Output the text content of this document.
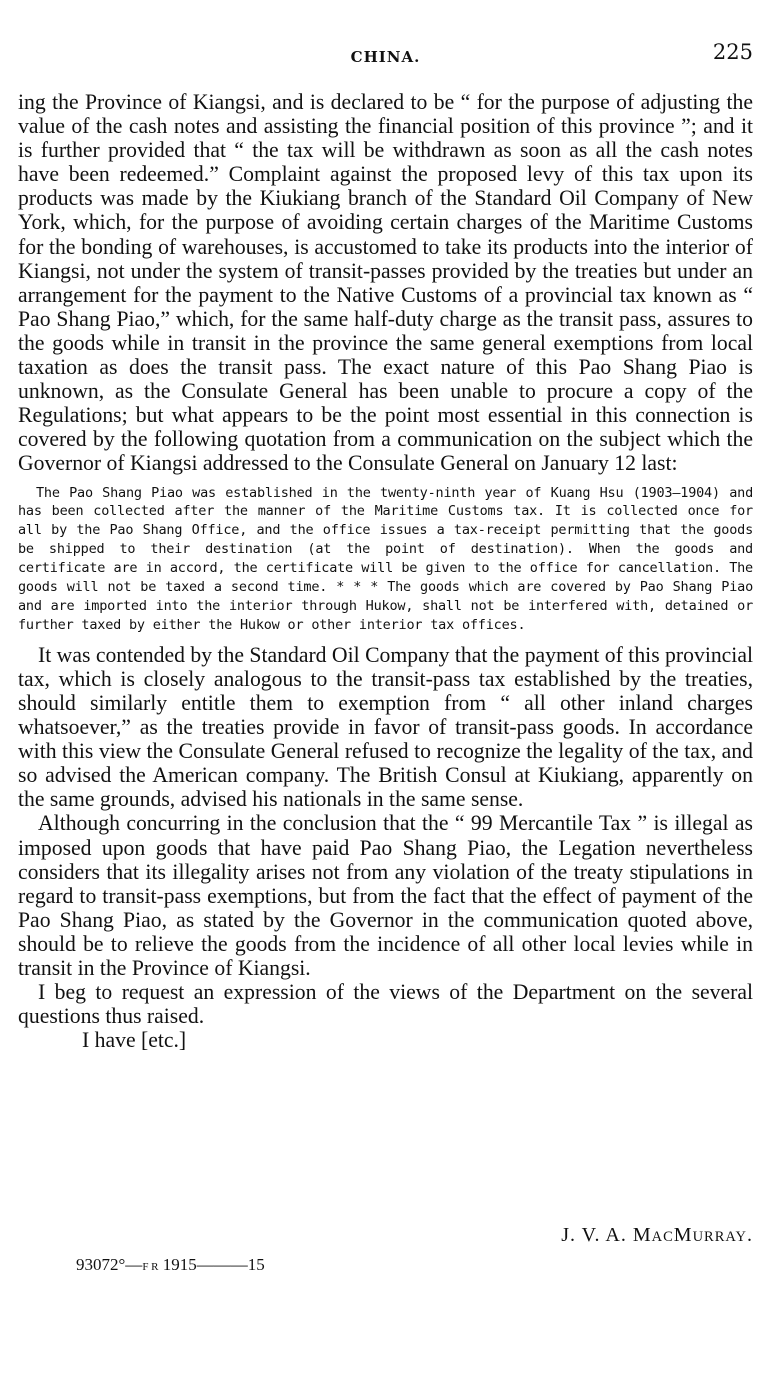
CHINA.	225

ing the Province of Kiangsi, and is declared to be “ for the purpose of adjusting the value of the cash notes and assisting the financial position of this province ”; and it is further provided that “ the tax will be withdrawn as soon as all the cash notes have been redeemed.” Complaint against the proposed levy of this tax upon its products was made by the Kiukiang branch of the Standard Oil Company of New York, which, for the purpose of avoiding certain charges of the Maritime Customs for the bonding of warehouses, is accustomed to take its products into the interior of Kiangsi, not under the system of transit-passes provided by the treaties but under an arrangement for the payment to the Native Customs of a provincial tax known as “ Pao Shang Piao,” which, for the same half-duty charge as the transit pass, assures to the goods while in transit in the province the same general exemptions from local taxation as does the transit pass. The exact nature of this Pao Shang Piao is unknown, as the Consulate General has been unable to procure a copy of the Regulations; but what appears to be the point most essential in this connection is covered by the following quotation from a communication on the subject which the Governor of Kiangsi addressed to the Consulate General on January 12 last:

The Pao Shang Piao was established in the twenty-ninth year of Kuang Hsu (1903–1904) and has been collected after the manner of the Maritime Customs tax. It is collected once for all by the Pao Shang Office, and the office issues a tax-receipt permitting that the goods be shipped to their destination (at the point of destination). When the goods and certificate are in accord, the certificate will be given to the office for cancellation. The goods will not be taxed a second time. * * * The goods which are covered by Pao Shang Piao and are imported into the interior through Hukow, shall not be interfered with, detained or further taxed by either the Hukow or other interior tax offices.

It was contended by the Standard Oil Company that the payment of this provincial tax, which is closely analogous to the transit-pass tax established by the treaties, should similarly entitle them to exemption from “ all other inland charges whatsoever,” as the treaties provide in favor of transit-pass goods. In accordance with this view the Consulate General refused to recognize the legality of the tax, and so advised the American company. The British Consul at Kiukiang, apparently on the same grounds, advised his nationals in the same sense.

Although concurring in the conclusion that the “ 99 Mercantile Tax ” is illegal as imposed upon goods that have paid Pao Shang Piao, the Legation nevertheless considers that its illegality arises not from any violation of the treaty stipulations in regard to transit-pass exemptions, but from the fact that the effect of payment of the Pao Shang Piao, as stated by the Governor in the communication quoted above, should be to relieve the goods from the incidence of all other local levies while in transit in the Province of Kiangsi.

I beg to request an expression of the views of the Department on the several questions thus raised.

I have [etc.]

J. V. A. MACMURRAY.
93072°—F R 1915———15
